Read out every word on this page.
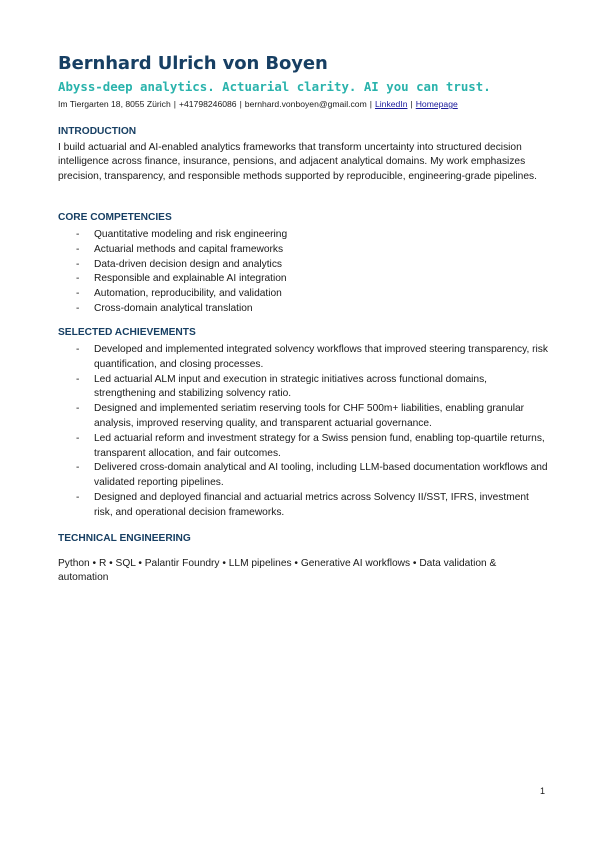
Bernhard Ulrich von Boyen
Abyss-deep analytics. Actuarial clarity. AI you can trust.
Im Tiergarten 18, 8055 Zürich | +41798246086 | bernhard.vonboyen@gmail.com | LinkedIn | Homepage
INTRODUCTION

I build actuarial and AI-enabled analytics frameworks that transform uncertainty into structured decision intelligence across finance, insurance, pensions, and adjacent analytical domains. My work emphasizes precision, transparency, and responsible methods supported by reproducible, engineering-grade pipelines.

CORE COMPETENCIES
- Quantitative modeling and risk engineering
- Actuarial methods and capital frameworks
- Data-driven decision design and analytics
- Responsible and explainable AI integration
- Automation, reproducibility, and validation
- Cross-domain analytical translation
SELECTED ACHIEVEMENTS
- Developed and implemented integrated solvency workflows that improved steering transparency, risk quantification, and closing processes.
- Led actuarial ALM input and execution in strategic initiatives across functional domains, strengthening and stabilizing solvency ratio.
- Designed and implemented seriatim reserving tools for CHF 500m+ liabilities, enabling granular analysis, improved reserving quality, and transparent actuarial governance.
- Led actuarial reform and investment strategy for a Swiss pension fund, enabling top-quartile returns, transparent allocation, and fair outcomes.
- Delivered cross-domain analytical and AI tooling, including LLM-based documentation workflows and validated reporting pipelines.
- Designed and deployed financial and actuarial metrics across Solvency II/SST, IFRS, investment risk, and operational decision frameworks.
TECHNICAL ENGINEERING

Python • R • SQL • Palantir Foundry • LLM pipelines • Generative AI workflows • Data validation & automation

1
